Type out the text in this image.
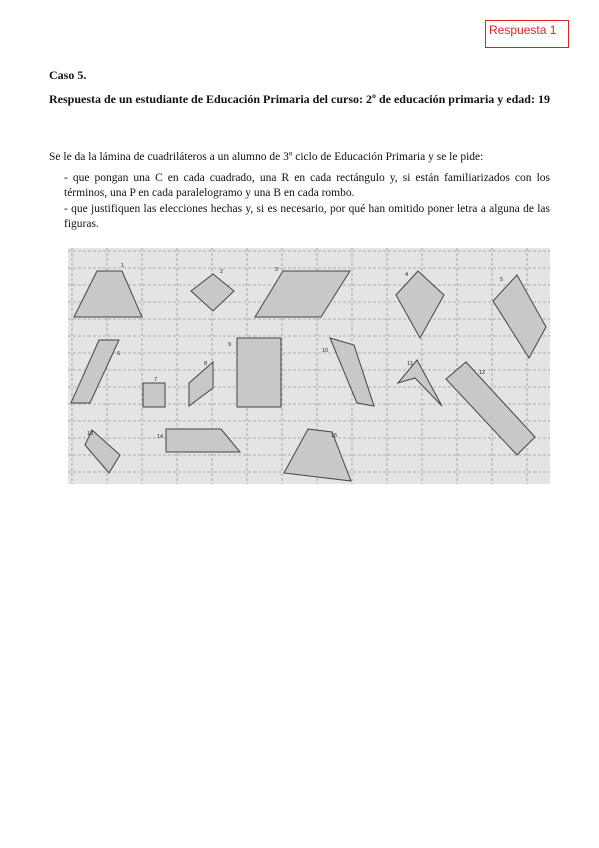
Respuesta 1
Caso 5.
Respuesta de un estudiante de Educación Primaria del curso: 2º de educación primaria y edad: 19
Se le da la lámina de cuadriláteros a un alumno de 3º ciclo de Educación Primaria y se le pide:

- que pongan una C en cada cuadrado, una R en cada rectángulo y, si están familiarizados con los términos, una P en cada paralelogramo y una B en cada rombo.

- que justifiquen las elecciones hechas y, si es necesario, por qué han omitido poner letra a alguna de las figuras.

1
2	3
4
5
6
7
8
9
10
11
12
13	14	15
